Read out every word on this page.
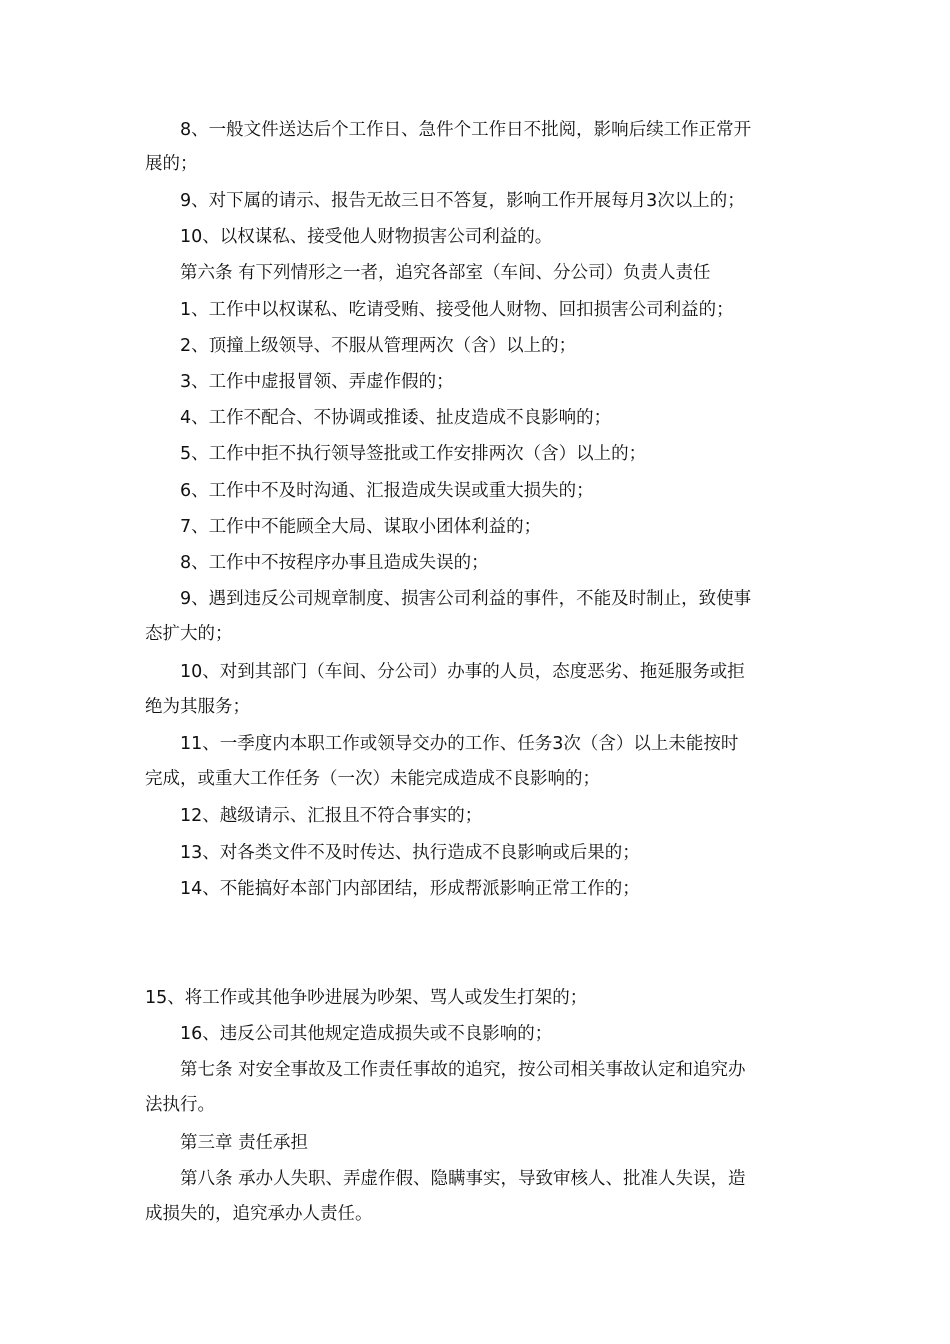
8、一般文件送达后个工作日、急件个工作日不批阅，影响后续工作正常开
展的；
9、对下属的请示、报告无故三日不答复，影响工作开展每月3次以上的；
10、以权谋私、接受他人财物损害公司利益的。
第六条 有下列情形之一者，追究各部室（车间、分公司）负责人责任
1、工作中以权谋私、吃请受贿、接受他人财物、回扣损害公司利益的；
2、顶撞上级领导、不服从管理两次（含）以上的；
3、工作中虚报冒领、弄虚作假的；
4、工作不配合、不协调或推诿、扯皮造成不良影响的；
5、工作中拒不执行领导签批或工作安排两次（含）以上的；
6、工作中不及时沟通、汇报造成失误或重大损失的；
7、工作中不能顾全大局、谋取小团体利益的；
8、工作中不按程序办事且造成失误的；
9、遇到违反公司规章制度、损害公司利益的事件，不能及时制止，致使事
态扩大的；
10、对到其部门（车间、分公司）办事的人员，态度恶劣、拖延服务或拒
绝为其服务；
11、一季度内本职工作或领导交办的工作、任务3次（含）以上未能按时
完成，或重大工作任务（一次）未能完成造成不良影响的；
12、越级请示、汇报且不符合事实的；
13、对各类文件不及时传达、执行造成不良影响或后果的；
14、不能搞好本部门内部团结，形成帮派影响正常工作的；
15、将工作或其他争吵进展为吵架、骂人或发生打架的；
16、违反公司其他规定造成损失或不良影响的；
第七条 对安全事故及工作责任事故的追究，按公司相关事故认定和追究办
法执行。
第三章 责任承担
第八条 承办人失职、弄虚作假、隐瞒事实，导致审核人、批准人失误，造
成损失的，追究承办人责任。
